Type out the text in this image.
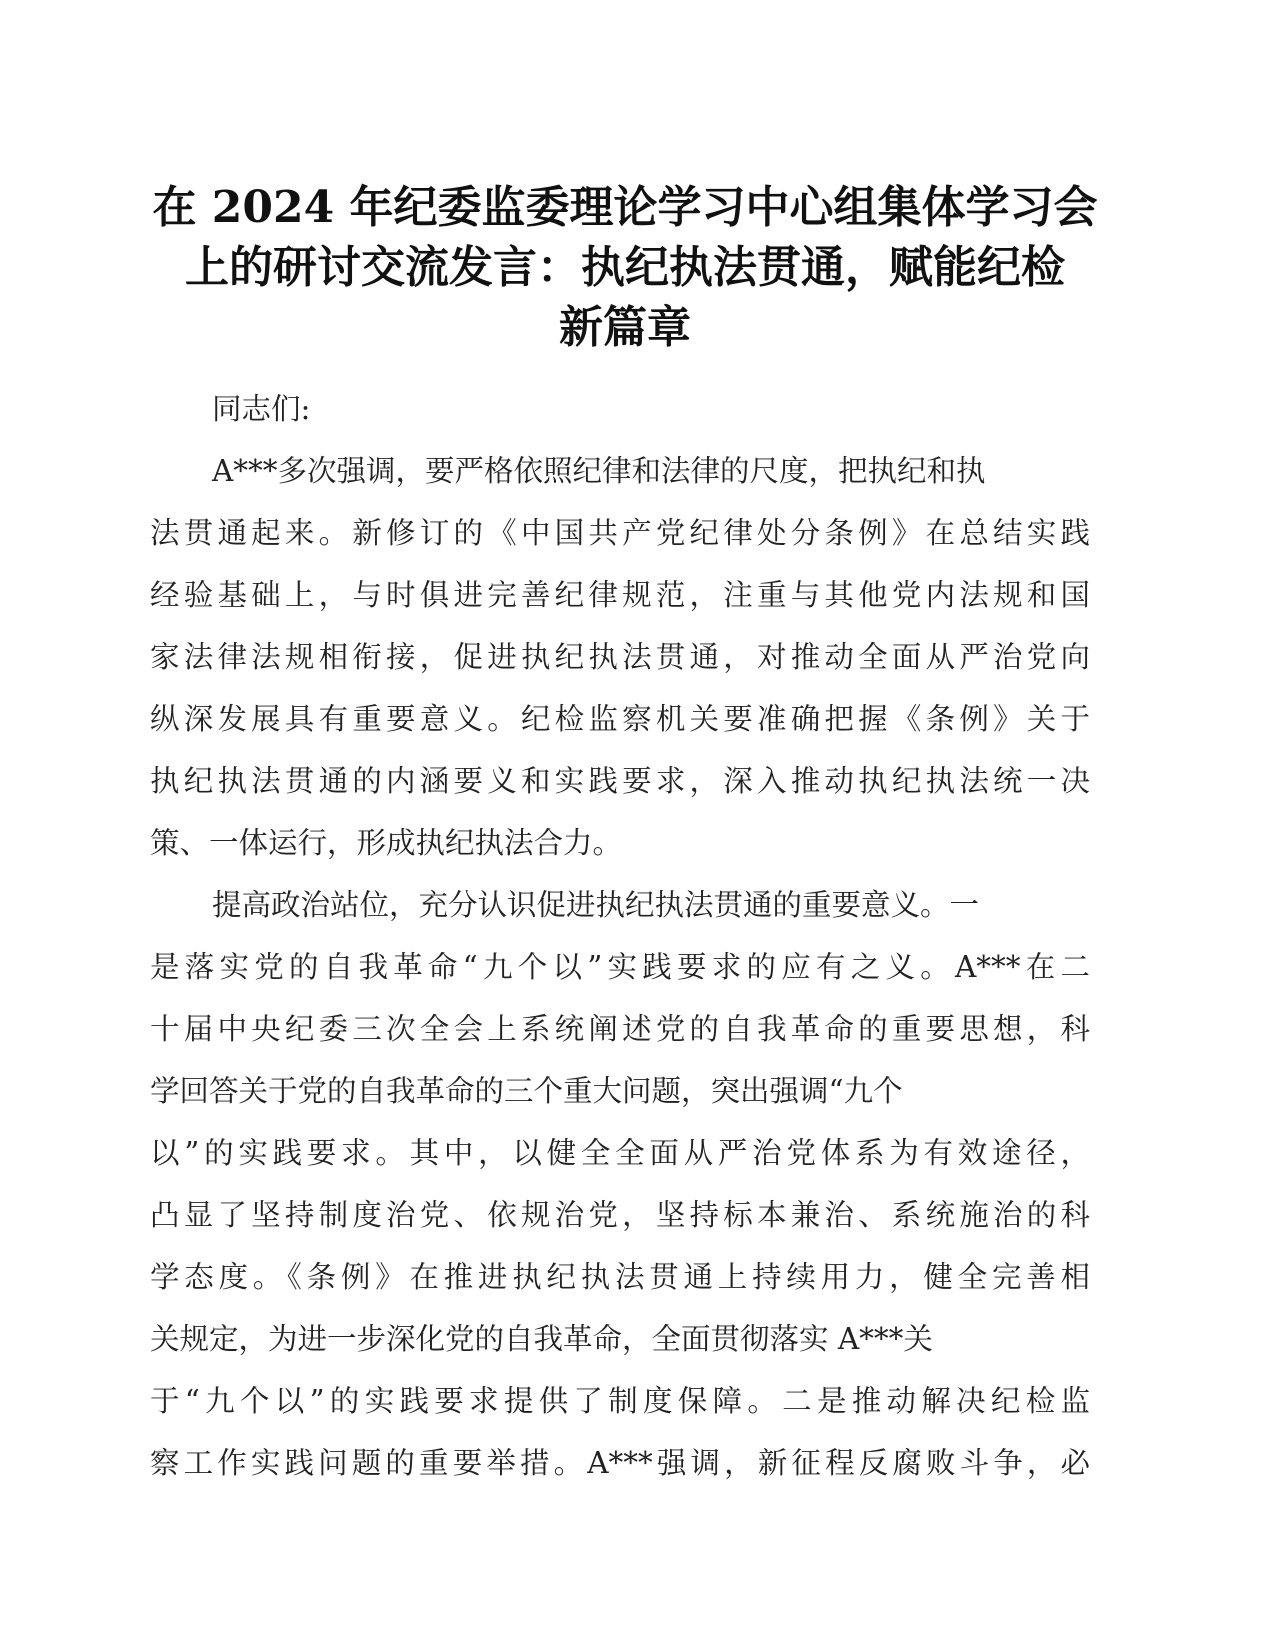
在 2024 年纪委监委理论学习中心组集体学习会
上的研讨交流发言：执纪执法贯通，赋能纪检
新篇章
同志们:
A***多次强调，要严格依照纪律和法律的尺度，把执纪和执
法贯通起来。新修订的《中国共产党纪律处分条例》在总结实践
经验基础上，与时俱进完善纪律规范，注重与其他党内法规和国
家法律法规相衔接，促进执纪执法贯通，对推动全面从严治党向
纵深发展具有重要意义。纪检监察机关要准确把握《条例》关于
执纪执法贯通的内涵要义和实践要求，深入推动执纪执法统一决
策、一体运行，形成执纪执法合力。
提高政治站位，充分认识促进执纪执法贯通的重要意义。一
是落实党的自我革命“九个以”实践要求的应有之义。A***在二
十届中央纪委三次全会上系统阐述党的自我革命的重要思想，科
学回答关于党的自我革命的三个重大问题，突出强调“九个
以”的实践要求。其中，以健全全面从严治党体系为有效途径，
凸显了坚持制度治党、依规治党，坚持标本兼治、系统施治的科
学态度。《条例》在推进执纪执法贯通上持续用力，健全完善相
关规定，为进一步深化党的自我革命，全面贯彻落实 A***关
于“九个以”的实践要求提供了制度保障。二是推动解决纪检监
察工作实践问题的重要举措。A***强调，新征程反腐败斗争，必
